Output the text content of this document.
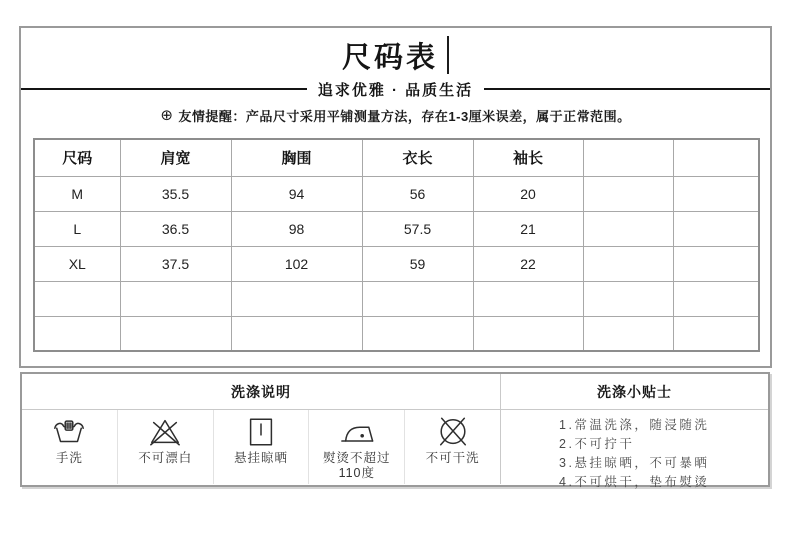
尺码表
追求优雅 · 品质生活
⊕ 友情提醒：产品尺寸采用平铺测量方法，存在1-3厘米误差，属于正常范围。
尺码	肩宽	胸围	衣长	袖长		
M	35.5	94	56	20		
L	36.5	98	57.5	21		
XL	37.5	102	59	22		

洗涤说明	洗涤小贴士
手洗	不可漂白	悬挂晾晒	熨烫不超过
110度
不可干洗
1.常温洗涤，随浸随洗
2.不可拧干
3.悬挂晾晒，不可暴晒
4.不可烘干，垫布熨烫
